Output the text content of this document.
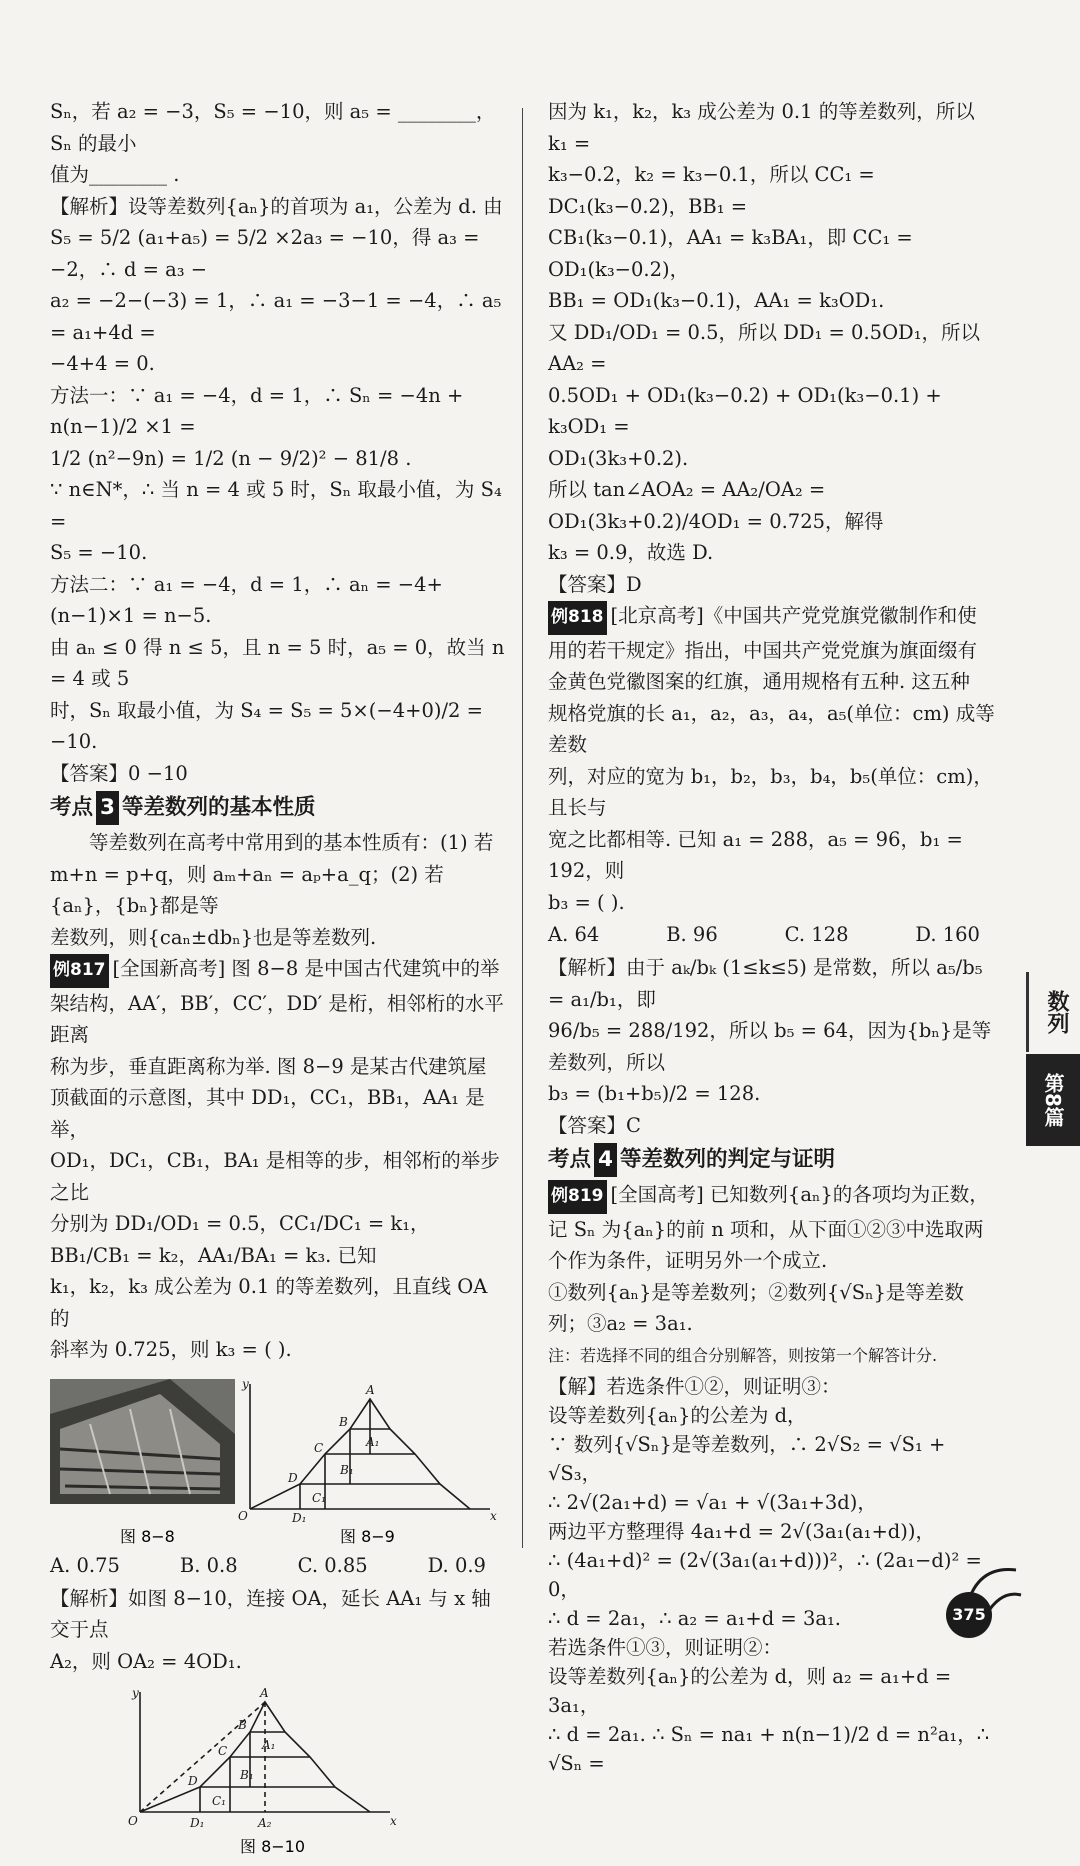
Sₙ，若 a₂ = −3，S₅ = −10，则 a₅ = ________，Sₙ 的最小

值为________ .

【解析】设等差数列{aₙ}的首项为 a₁，公差为 d. 由

S₅ = 5/2 (a₁+a₅) = 5/2 ×2a₃ = −10，得 a₃ = −2，∴ d = a₃ −

a₂ = −2−(−3) = 1，∴ a₁ = −3−1 = −4，∴ a₅ = a₁+4d =

−4+4 = 0.

方法一：∵ a₁ = −4，d = 1，∴ Sₙ = −4n + n(n−1)/2 ×1 =

1/2 (n²−9n) = 1/2 (n − 9/2)² − 81/8 .

∵ n∈N*，∴ 当 n = 4 或 5 时，Sₙ 取最小值，为 S₄ =

S₅ = −10.

方法二：∵ a₁ = −4，d = 1，∴ aₙ = −4+(n−1)×1 = n−5.

由 aₙ ≤ 0 得 n ≤ 5，且 n = 5 时，a₅ = 0，故当 n = 4 或 5

时，Sₙ 取最小值，为 S₄ = S₅ = 5×(−4+0)/2 = −10.

【答案】0 −10

考点 3 等差数列的基本性质

等差数列在高考中常用到的基本性质有：(1) 若

m+n = p+q，则 aₘ+aₙ = aₚ+a_q；(2) 若{aₙ}，{bₙ}都是等

差数列，则{caₙ±dbₙ}也是等差数列.

例817 [全国新高考] 图 8−8 是中国古代建筑中的举

架结构，AA′，BB′，CC′，DD′ 是桁，相邻桁的水平距离

称为步，垂直距离称为举. 图 8−9 是某古代建筑屋

顶截面的示意图，其中 DD₁，CC₁，BB₁，AA₁ 是举，

OD₁，DC₁，CB₁，BA₁ 是相等的步，相邻桁的举步之比

分别为 DD₁/OD₁ = 0.5，CC₁/DC₁ = k₁，BB₁/CB₁ = k₂，AA₁/BA₁ = k₃. 已知

k₁，k₂，k₃ 成公差为 0.1 的等差数列，且直线 OA 的

斜率为 0.725，则 k₃ = ( ).

图 8−8
y	A
B
A₁
C
B₁
D
C₁
O	D₁	x
图 8−9
A. 0.75	B. 0.8	C. 0.85	D. 0.9

【解析】如图 8−10，连接 OA，延长 AA₁ 与 x 轴交于点

A₂，则 OA₂ = 4OD₁.

y	A
B
A₁
C
B₁
D
C₁
O	D₁	A₂	x
图 8−10

因为 k₁，k₂，k₃ 成公差为 0.1 的等差数列，所以 k₁ =

k₃−0.2，k₂ = k₃−0.1，所以 CC₁ = DC₁(k₃−0.2)，BB₁ =

CB₁(k₃−0.1)，AA₁ = k₃BA₁，即 CC₁ = OD₁(k₃−0.2)，

BB₁ = OD₁(k₃−0.1)，AA₁ = k₃OD₁.

又 DD₁/OD₁ = 0.5，所以 DD₁ = 0.5OD₁，所以 AA₂ =

0.5OD₁ + OD₁(k₃−0.2) + OD₁(k₃−0.1) + k₃OD₁ =

OD₁(3k₃+0.2).

所以 tan∠AOA₂ = AA₂/OA₂ = OD₁(3k₃+0.2)/4OD₁ = 0.725，解得

k₃ = 0.9，故选 D.

【答案】D

例818 [北京高考]《中国共产党党旗党徽制作和使

用的若干规定》指出，中国共产党党旗为旗面缀有

金黄色党徽图案的红旗，通用规格有五种. 这五种

规格党旗的长 a₁，a₂，a₃，a₄，a₅(单位：cm) 成等差数

列，对应的宽为 b₁，b₂，b₃，b₄，b₅(单位：cm)，且长与

宽之比都相等. 已知 a₁ = 288，a₅ = 96，b₁ = 192，则

b₃ = ( ).

A. 64	B. 96	C. 128	D. 160

【解析】由于 aₖ/bₖ (1≤k≤5) 是常数，所以 a₅/b₅ = a₁/b₁，即

96/b₅ = 288/192，所以 b₅ = 64，因为{bₙ}是等差数列，所以

b₃ = (b₁+b₅)/2 = 128.

【答案】C

考点 4 等差数列的判定与证明

例819 [全国高考] 已知数列{aₙ}的各项均为正数，

记 Sₙ 为{aₙ}的前 n 项和，从下面①②③中选取两

个作为条件，证明另外一个成立.

①数列{aₙ}是等差数列；②数列{√Sₙ}是等差数

列；③a₂ = 3a₁.

注：若选择不同的组合分别解答，则按第一个解答计分.

【解】若选条件①②，则证明③：

设等差数列{aₙ}的公差为 d，

∵ 数列{√Sₙ}是等差数列，∴ 2√S₂ = √S₁ + √S₃，

∴ 2√(2a₁+d) = √a₁ + √(3a₁+3d)，

两边平方整理得 4a₁+d = 2√(3a₁(a₁+d))，

∴ (4a₁+d)² = (2√(3a₁(a₁+d)))²，∴ (2a₁−d)² = 0，

∴ d = 2a₁，∴ a₂ = a₁+d = 3a₁.

若选条件①③，则证明②：

设等差数列{aₙ}的公差为 d，则 a₂ = a₁+d = 3a₁，

∴ d = 2a₁. ∴ Sₙ = na₁ + n(n−1)/2 d = n²a₁，∴ √Sₙ =

数列
第8篇
375
